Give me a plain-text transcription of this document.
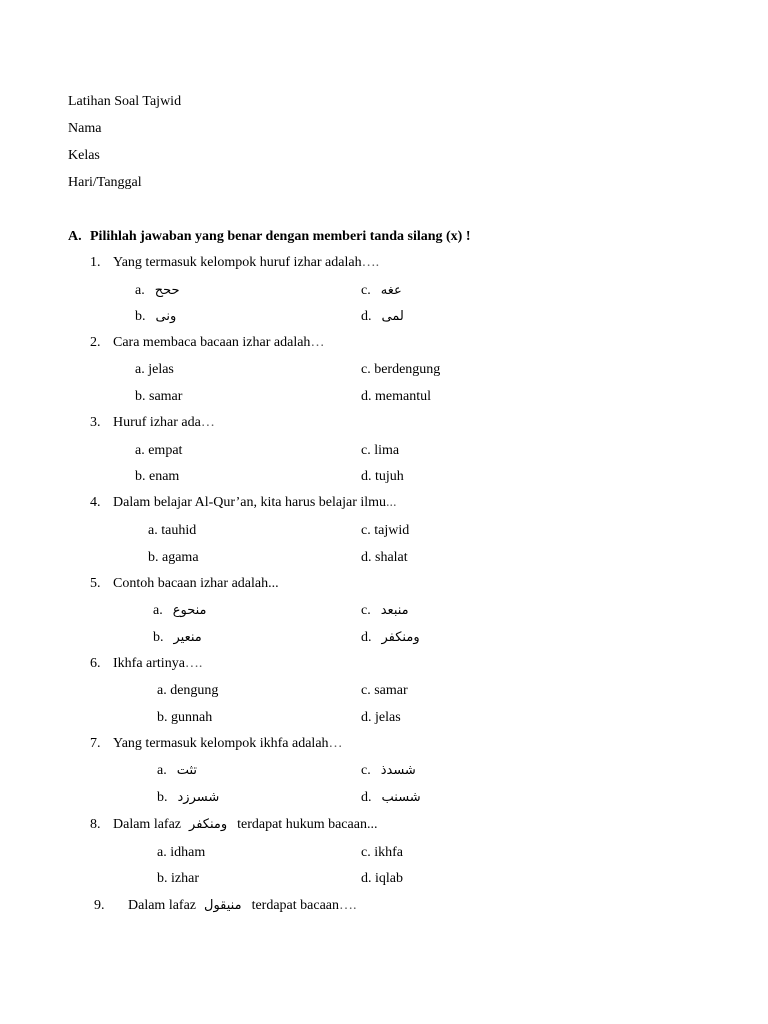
Latihan Soal Tajwid
Nama
Kelas
Hari/Tanggal
A. Pilihlah jawaban yang benar dengan memberi tanda silang (x) !
1. Yang termasuk kelompok huruf izhar adalah….
a. ححح	c. عغه
b. ونى	d. لمى
2. Cara membaca bacaan izhar adalah…
a. jelas	c. berdengung
b. samar	d. memantul
3. Huruf izhar ada…
a. empat	c. lima
b. enam	d. tujuh
4. Dalam belajar Al-Qur’an, kita harus belajar ilmu...
a. tauhid	c. tajwid
b. agama	d. shalat
5. Contoh bacaan izhar adalah...
a. منحوع	c. منبعد
b. منعير	d. ومنكفر
6. Ikhfa artinya….
a. dengung	c. samar
b. gunnah	d. jelas
7. Yang termasuk kelompok ikhfa adalah…
a. تثت	c. شسدذ
b. شسرزد	d. شسنب
8. Dalam lafaz ومنكفر terdapat hukum bacaan...
a. idham	c. ikhfa
b. izhar	d. iqlab
9. Dalam lafaz منيقول terdapat bacaan….
